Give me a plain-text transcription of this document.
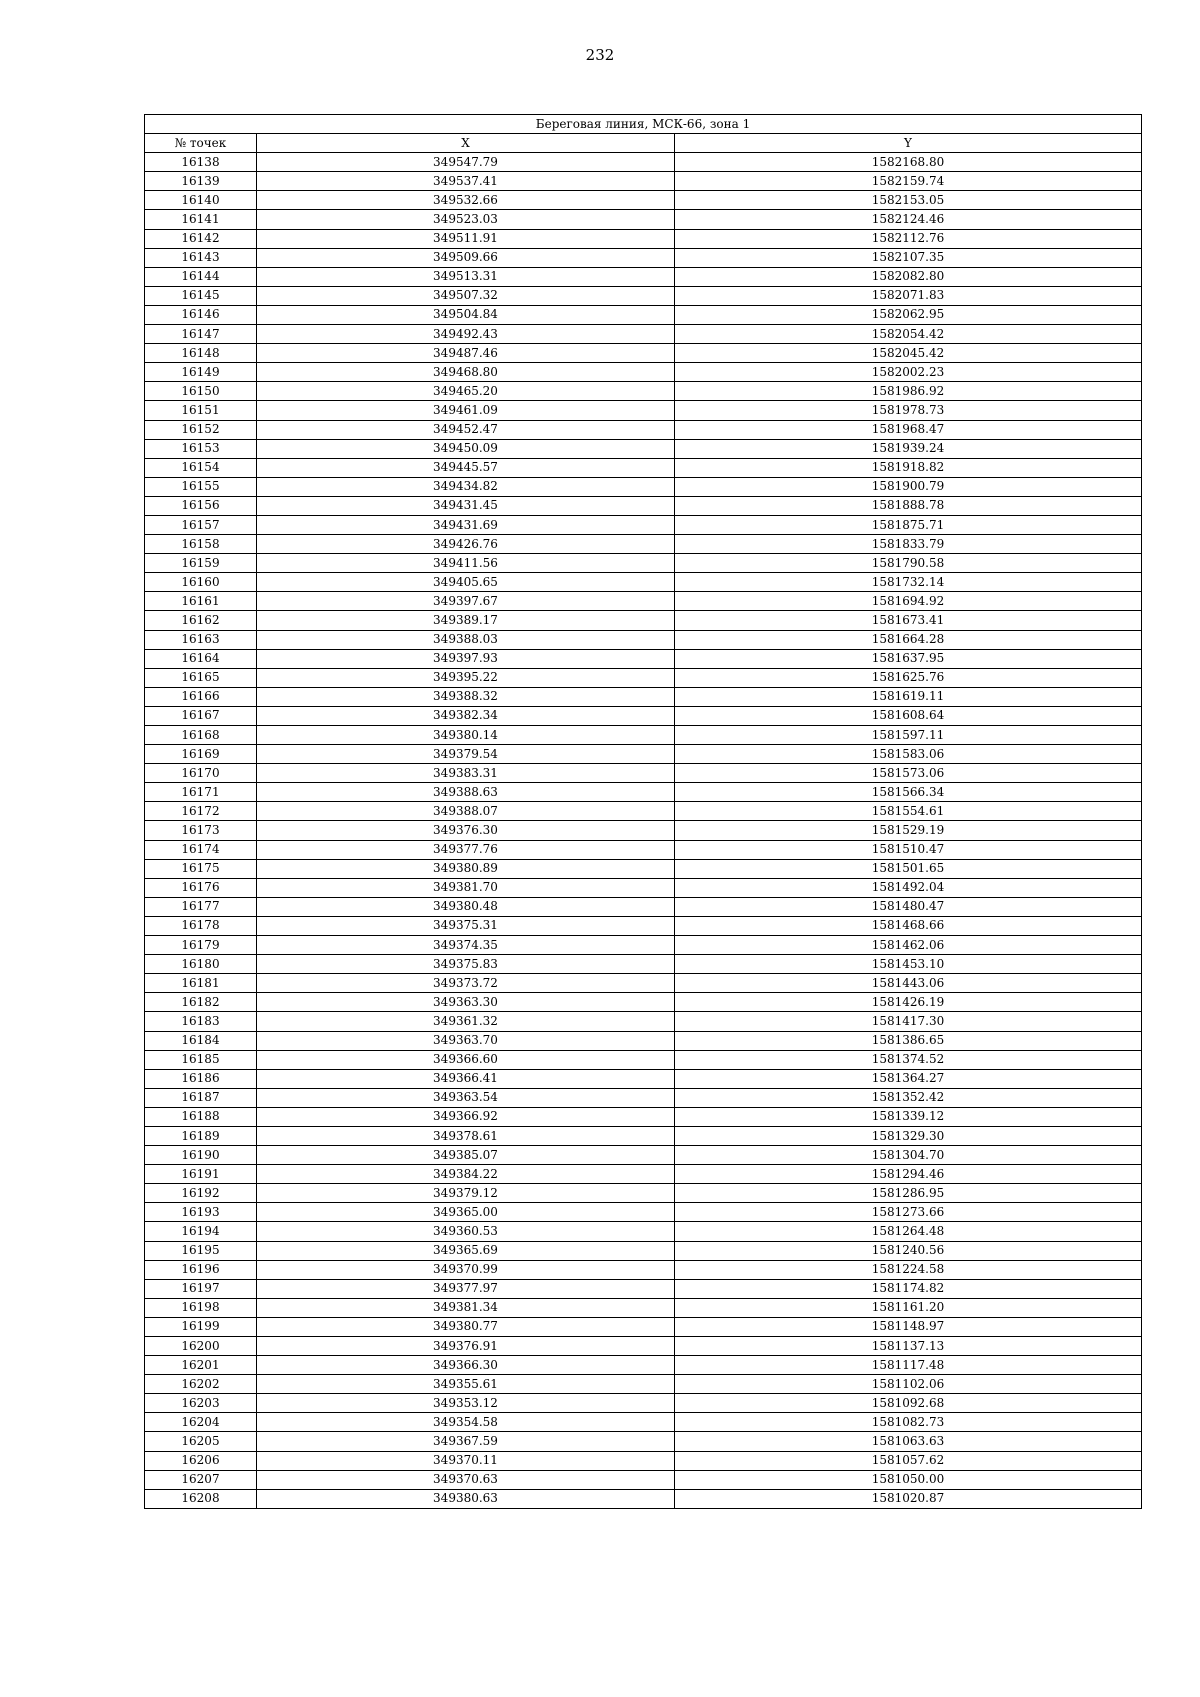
232
Береговая линия, МСК-66, зона 1		
№ точек	X	Y
16138	349547.79	1582168.80
16139	349537.41	1582159.74
16140	349532.66	1582153.05
16141	349523.03	1582124.46
16142	349511.91	1582112.76
16143	349509.66	1582107.35
16144	349513.31	1582082.80
16145	349507.32	1582071.83
16146	349504.84	1582062.95
16147	349492.43	1582054.42
16148	349487.46	1582045.42
16149	349468.80	1582002.23
16150	349465.20	1581986.92
16151	349461.09	1581978.73
16152	349452.47	1581968.47
16153	349450.09	1581939.24
16154	349445.57	1581918.82
16155	349434.82	1581900.79
16156	349431.45	1581888.78
16157	349431.69	1581875.71
16158	349426.76	1581833.79
16159	349411.56	1581790.58
16160	349405.65	1581732.14
16161	349397.67	1581694.92
16162	349389.17	1581673.41
16163	349388.03	1581664.28
16164	349397.93	1581637.95
16165	349395.22	1581625.76
16166	349388.32	1581619.11
16167	349382.34	1581608.64
16168	349380.14	1581597.11
16169	349379.54	1581583.06
16170	349383.31	1581573.06
16171	349388.63	1581566.34
16172	349388.07	1581554.61
16173	349376.30	1581529.19
16174	349377.76	1581510.47
16175	349380.89	1581501.65
16176	349381.70	1581492.04
16177	349380.48	1581480.47
16178	349375.31	1581468.66
16179	349374.35	1581462.06
16180	349375.83	1581453.10
16181	349373.72	1581443.06
16182	349363.30	1581426.19
16183	349361.32	1581417.30
16184	349363.70	1581386.65
16185	349366.60	1581374.52
16186	349366.41	1581364.27
16187	349363.54	1581352.42
16188	349366.92	1581339.12
16189	349378.61	1581329.30
16190	349385.07	1581304.70
16191	349384.22	1581294.46
16192	349379.12	1581286.95
16193	349365.00	1581273.66
16194	349360.53	1581264.48
16195	349365.69	1581240.56
16196	349370.99	1581224.58
16197	349377.97	1581174.82
16198	349381.34	1581161.20
16199	349380.77	1581148.97
16200	349376.91	1581137.13
16201	349366.30	1581117.48
16202	349355.61	1581102.06
16203	349353.12	1581092.68
16204	349354.58	1581082.73
16205	349367.59	1581063.63
16206	349370.11	1581057.62
16207	349370.63	1581050.00
16208	349380.63	1581020.87
